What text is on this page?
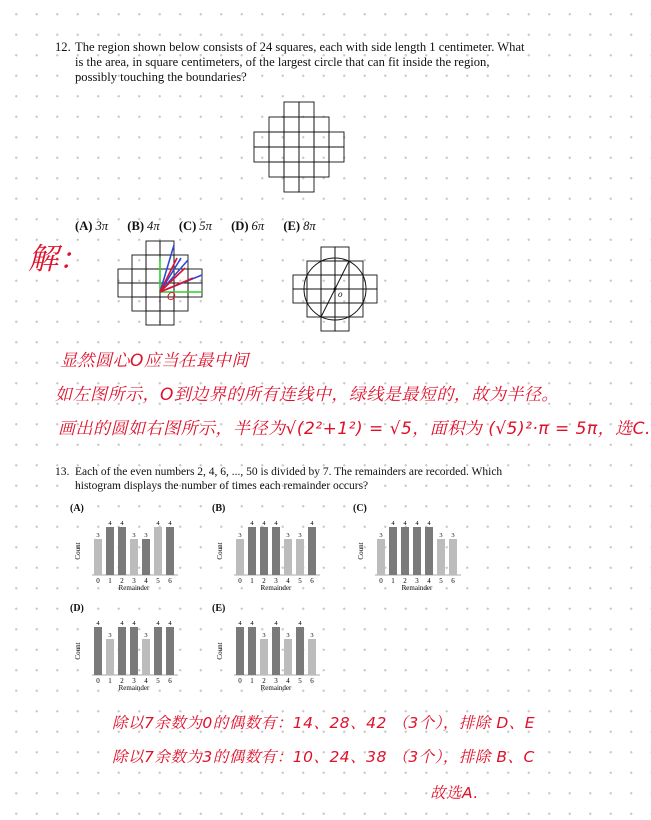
12. The region shown below consists of 24 squares, each with side length 1 centimeter. What is the area, in square centimeters, of the largest circle that can fit inside the region, possibly touching the boundaries?
(A) 3π (B) 4π (C) 5π (D) 6π (E) 8π
解：
O	o
显然圆心O应当在最中间
如左图所示，O到边界的所有连线中，绿线是最短的，故为半径。
画出的圆如右图所示，半径为√(2²+1²) = √5，面积为 (√5)²·π = 5π，选C.
13. Each of the even numbers 2, 4, 6, ..., 50 is divided by 7. The remainders are recorded. Which histogram displays the number of times each remainder occurs?
(A)
Count
3
0
4
1
4
2
3
3
3
4
4
5
4
6
Remainder
(B)
Count
3
0
4
1
4
2
4
3
3
4
3
5
4
6
Remainder
(C)
Count
3
0
4
1
4
2
4
3
4
4
3
5
3
6
Remainder
(D)
Count
4
0
3
1
4
2
4
3
3
4
4
5
4
6
Remainder
(E)
Count
4
0
4
1
3
2
4
3
3
4
4
5
3
6
Remainder
除以7余数为0的偶数有：14、28、42 （3个），排除 D、E
除以7余数为3的偶数有：10、24、38 （3个），排除 B、C
故选A.
